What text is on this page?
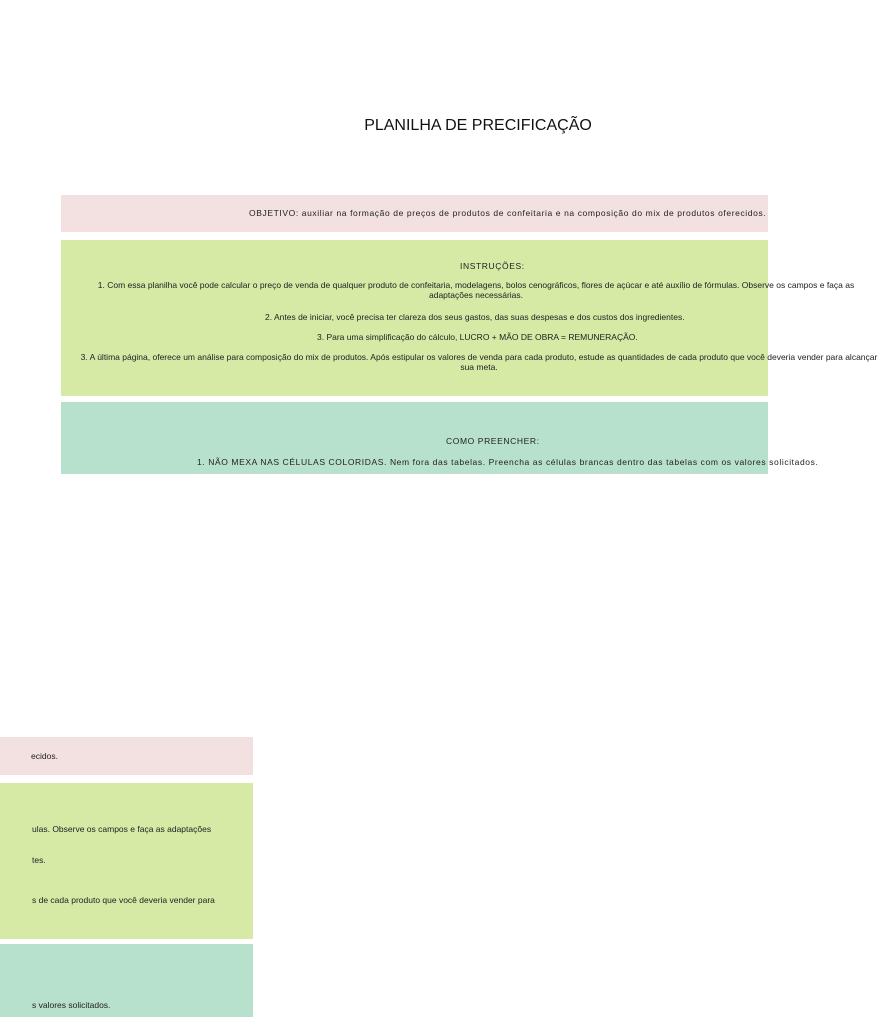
PLANILHA DE PRECIFICAÇÃO
OBJETIVO: auxiliar na formação de preços de produtos de confeitaria e na composição do mix de produtos oferecidos.
INSTRUÇÕES:
1. Com essa planilha você pode calcular o preço de venda de qualquer produto de confeitaria, modelagens, bolos cenográficos, flores de açúcar e até auxílio de fórmulas. Observe os campos e faça as adaptações necessárias.
2. Antes de iniciar, você precisa ter clareza dos seus gastos, das suas despesas e dos custos dos ingredientes.
3. Para uma simplificação do cálculo, LUCRO + MÃO DE OBRA = REMUNERAÇÃO.
3. A última página, oferece um análise para composição do mix de produtos. Após estipular os valores de venda para cada produto, estude as quantidades de cada produto que você deveria vender para alcançar sua meta.
COMO PREENCHER:
1. NÃO MEXA NAS CÉLULAS COLORIDAS. Nem fora das tabelas. Preencha as células brancas dentro das tabelas com os valores solicitados.
ecidos.
ulas. Observe os campos e faça as adaptações
tes.
s de cada produto que você deveria vender para
s valores solicitados.
